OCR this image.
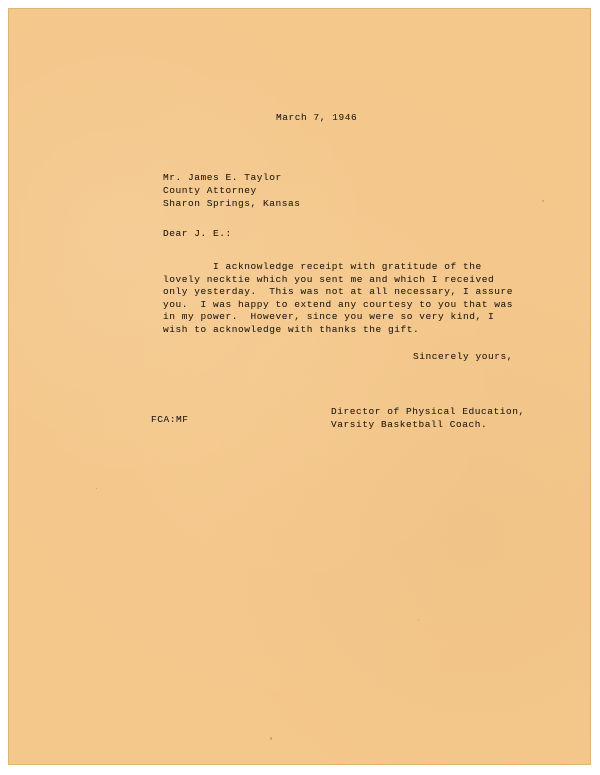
March 7, 1946

Mr. James E. Taylor

County Attorney

Sharon Springs, Kansas

Dear J. E.:

I acknowledge receipt with gratitude of the
lovely necktie which you sent me and which I received
only yesterday.  This was not at all necessary, I assure
you.  I was happy to extend any courtesy to you that was
in my power.  However, since you were so very kind, I
wish to acknowledge with thanks the gift.

Sincerely yours,

Director of Physical Education,

Varsity Basketball Coach.

FCA:MF
